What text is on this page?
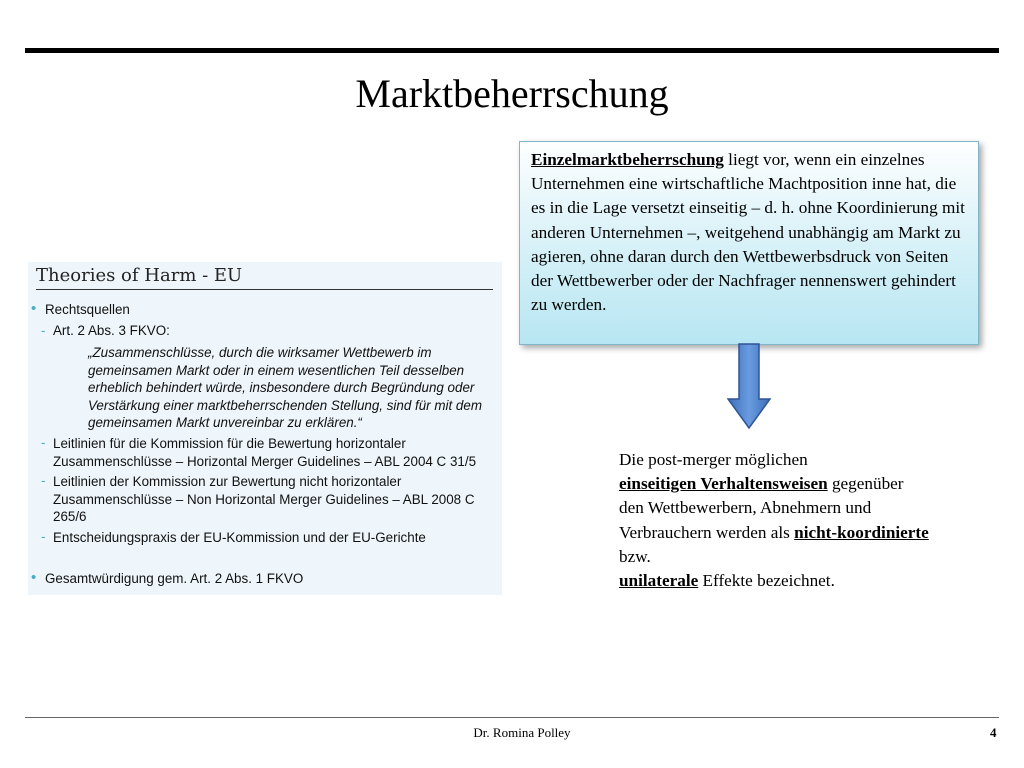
Marktbeherrschung
Einzelmarktbeherrschung liegt vor, wenn ein einzelnes Unternehmen eine wirtschaftliche Machtposition inne hat, die es in die Lage versetzt einseitig – d. h. ohne Koordinierung mit anderen Unternehmen –, weitgehend unabhängig am Markt zu agieren, ohne daran durch den Wettbewerbsdruck von Seiten der Wettbewerber oder der Nachfrager nennenswert gehindert zu werden.
Theories of Harm - EU
• Rechtsquellen
- Art. 2 Abs. 3 FKVO:
„Zusammenschlüsse, durch die wirksamer Wettbewerb im gemeinsamen Markt oder in einem wesentlichen Teil desselben erheblich behindert würde, insbesondere durch Begründung oder Verstärkung einer marktbeherrschenden Stellung, sind für mit dem gemeinsamen Markt unvereinbar zu erklären.“
- Leitlinien für die Kommission für die Bewertung horizontaler Zusammenschlüsse – Horizontal Merger Guidelines – ABL 2004 C 31/5
- Leitlinien der Kommission zur Bewertung nicht horizontaler Zusammenschlüsse – Non Horizontal Merger Guidelines – ABL 2008 C 265/6
- Entscheidungspraxis der EU-Kommission und der EU-Gerichte
• Gesamtwürdigung gem. Art. 2 Abs. 1 FKVO
Die post-merger möglichen
einseitigen Verhaltensweisen gegenüber den Wettbewerbern, Abnehmern und Verbrauchern werden als nicht-koordinierte bzw.
unilaterale Effekte bezeichnet.
Dr. Romina Polley	4
